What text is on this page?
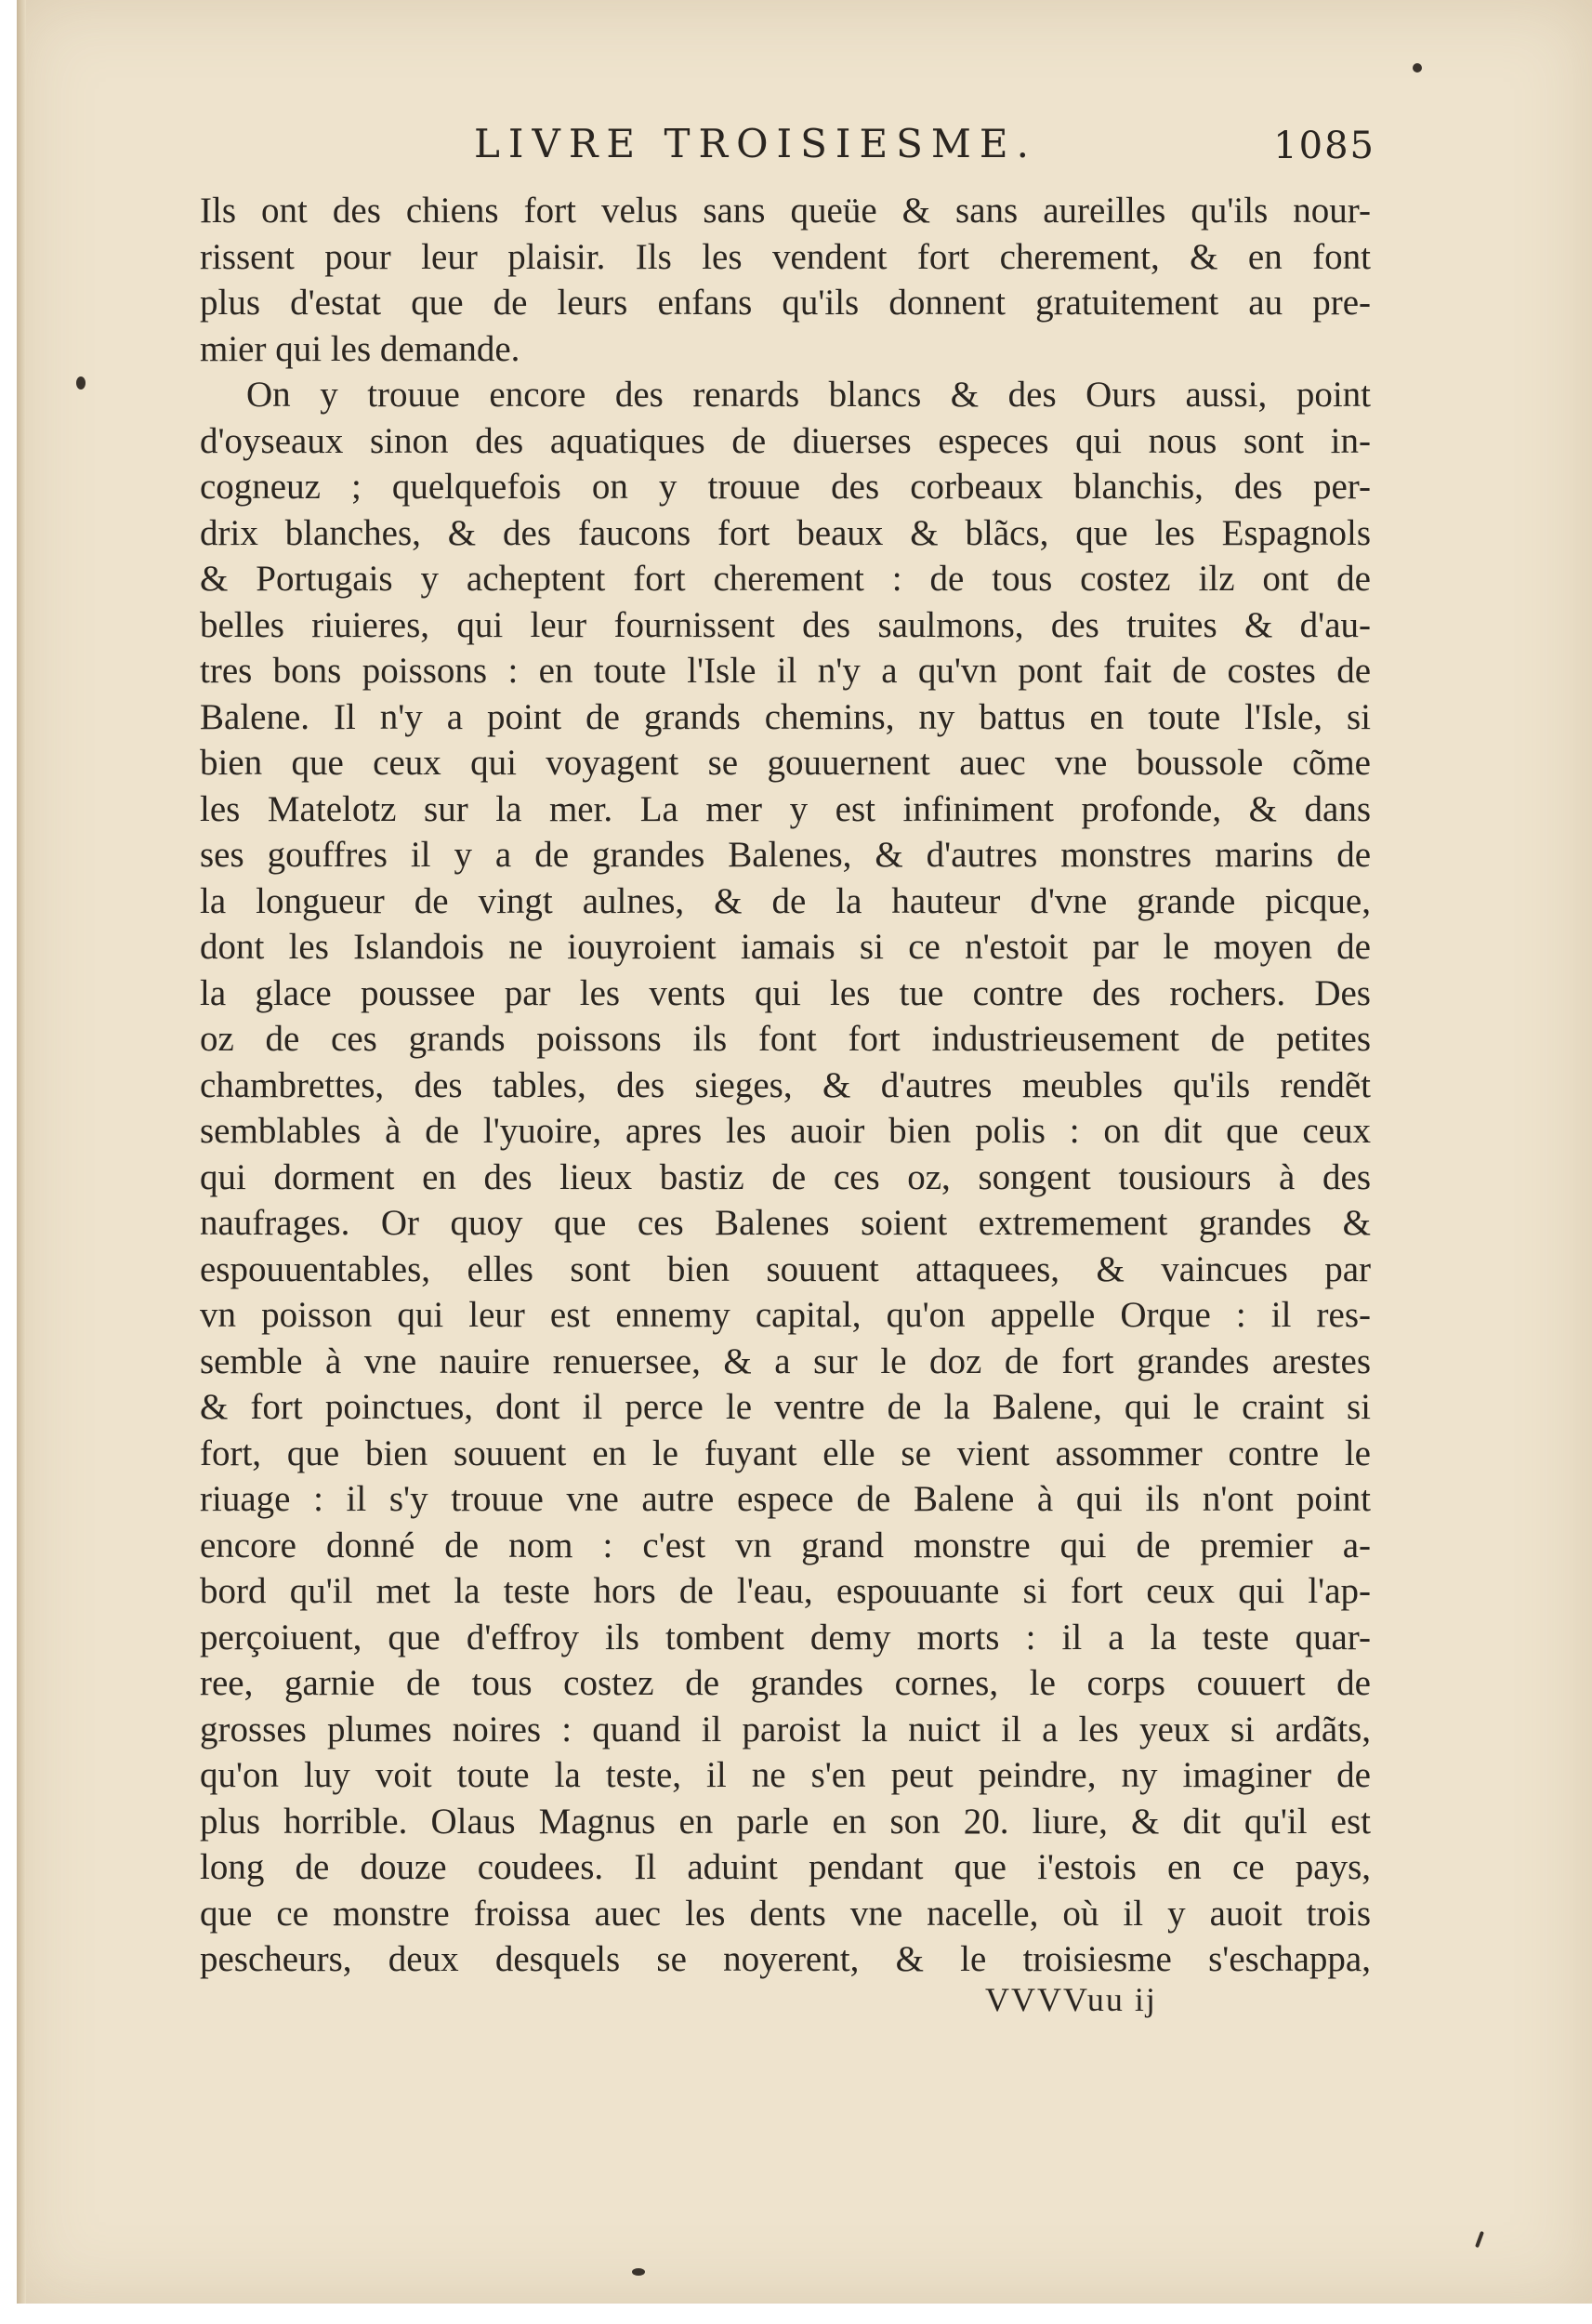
LIVRE TROISIESME.	1085
Ils ont des chiens fort velus sans queüe & sans aureilles qu'ils nour-
rissent pour leur plaisir. Ils les vendent fort cherement, & en font
plus d'estat que de leurs enfans qu'ils donnent gratuitement au pre-
mier qui les demande.
On y trouue encore des renards blancs & des Ours aussi, point
d'oyseaux sinon des aquatiques de diuerses especes qui nous sont in-
cogneuz ; quelquefois on y trouue des corbeaux blanchis, des per-
drix blanches, & des faucons fort beaux & blãcs, que les Espagnols
& Portugais y acheptent fort cherement : de tous costez ilz ont de
belles riuieres, qui leur fournissent des saulmons, des truites & d'au-
tres bons poissons : en toute l'Isle il n'y a qu'vn pont fait de costes de
Balene. Il n'y a point de grands chemins, ny battus en toute l'Isle, si
bien que ceux qui voyagent se gouuernent auec vne boussole cõme
les Matelotz sur la mer. La mer y est infiniment profonde, & dans
ses gouffres il y a de grandes Balenes, & d'autres monstres marins de
la longueur de vingt aulnes, & de la hauteur d'vne grande picque,
dont les Islandois ne iouyroient iamais si ce n'estoit par le moyen de
la glace poussee par les vents qui les tue contre des rochers. Des
oz de ces grands poissons ils font fort industrieusement de petites
chambrettes, des tables, des sieges, & d'autres meubles qu'ils rendẽt
semblables à de l'yuoire, apres les auoir bien polis : on dit que ceux
qui dorment en des lieux bastiz de ces oz, songent tousiours à des
naufrages. Or quoy que ces Balenes soient extremement grandes &
espouuentables, elles sont bien souuent attaquees, & vaincues par
vn poisson qui leur est ennemy capital, qu'on appelle Orque : il res-
semble à vne nauire renuersee, & a sur le doz de fort grandes arestes
& fort poinctues, dont il perce le ventre de la Balene, qui le craint si
fort, que bien souuent en le fuyant elle se vient assommer contre le
riuage : il s'y trouue vne autre espece de Balene à qui ils n'ont point
encore donné de nom : c'est vn grand monstre qui de premier a-
bord qu'il met la teste hors de l'eau, espouuante si fort ceux qui l'ap-
perçoiuent, que d'effroy ils tombent demy morts : il a la teste quar-
ree, garnie de tous costez de grandes cornes, le corps couuert de
grosses plumes noires : quand il paroist la nuict il a les yeux si ardãts,
qu'on luy voit toute la teste, il ne s'en peut peindre, ny imaginer de
plus horrible. Olaus Magnus en parle en son 20. liure, & dit qu'il est
long de douze coudees. Il aduint pendant que i'estois en ce pays,
que ce monstre froissa auec les dents vne nacelle, où il y auoit trois
pescheurs, deux desquels se noyerent, & le troisiesme s'eschappa,
VVVVuu ij
